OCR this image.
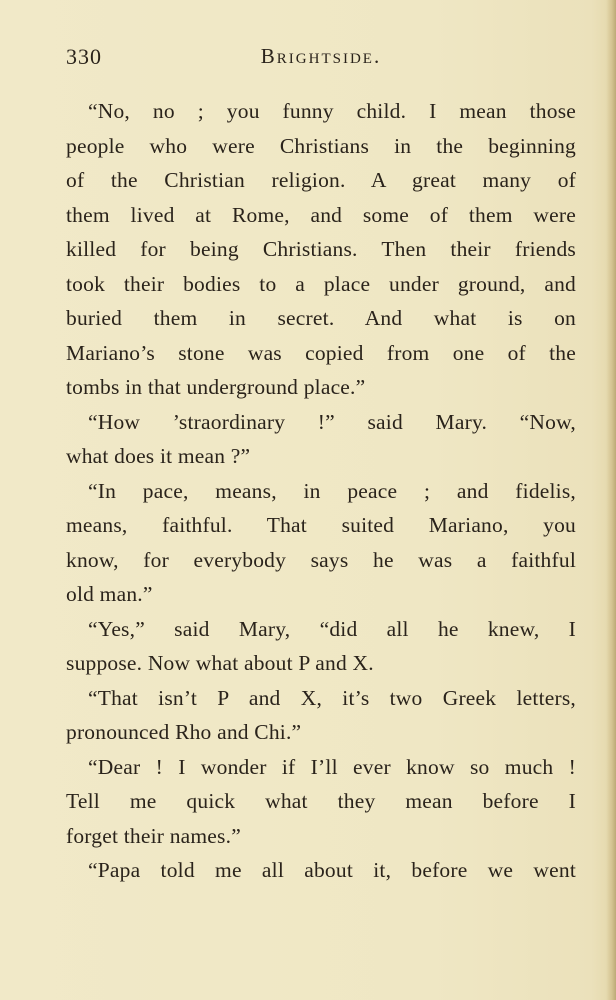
330	Brightside.
“No, no ; you funny child. I mean those
people who were Christians in the beginning
of the Christian religion. A great many of
them lived at Rome, and some of them were
killed for being Christians. Then their friends
took their bodies to a place under ground, and
buried them in secret. And what is on
Mariano’s stone was copied from one of the
tombs in that underground place.”
“How ’straordinary !” said Mary. “Now,
what does it mean ?”
“In pace, means, in peace ; and fidelis,
means, faithful. That suited Mariano, you
know, for everybody says he was a faithful
old man.”
“Yes,” said Mary, “did all he knew, I
suppose. Now what about P and X.
“That isn’t P and X, it’s two Greek letters,
pronounced Rho and Chi.”
“Dear ! I wonder if I’ll ever know so much !
Tell me quick what they mean before I
forget their names.”
“Papa told me all about it, before we went
